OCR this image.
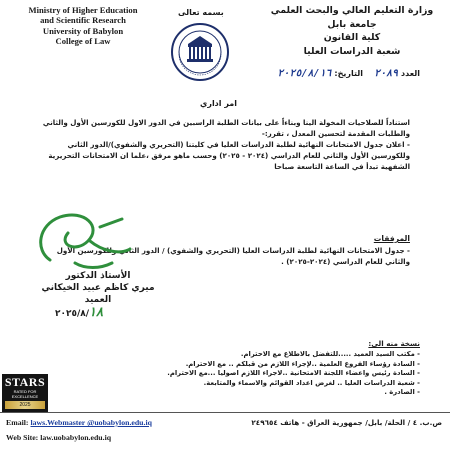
Ministry of Higher Education
and Scientific Research
University of Babylon
College of Law
بسمه تعالى	وزارة التعليم العالي والبحث العلمي
جامعة بابل
كلية القانون
شعبة الدراسات العليا
العدد ٢٠٨٩    التاريخ: ٢٠٢٥/٨/١٦
امر اداري
استناداً للصلاحيات المخولة الينا وبناءاً على بيانات الطلبة الراسبين في الدور الاول للكورسين الأول والثاني والطلبات المقدمة لتحسين المعدل ، تقرر:-
- اعلان جدول الامتحانات النهائية لطلبة الدراسات العليا في كليتنا (التحريري والشفوي)/الدور الثاني وللكورسين الأول والثاني للعام الدراسي (٢٠٢٤ - ٢٠٢٥) وحسب ماهو مرفق ،علما ان الامتحانات التحريرية الشفهية تبدأ في الساعة التاسعة صباحا
المرفقات
- جدول الامتحانات النهائية لطلبة الدراسات العليا (التحريري والشفوي) / الدور الثاني وللكورسين الأول والثاني للعام الدراسي (٢٠٢٤-٢٠٢٥) .
الأستاذ الدكتور
ميري كاظم عبيد الخيكاني
العميد
٢٠٢٥/٨/١٨
نسخة منه الى:
- مكتب السيد العميد .....للتفضل بالاطلاع مع الاحترام.
- السادة رؤساء الفروع العلمية ..لإجراء اللازم من قبلكم .. مع الاحترام.
- السادة رئيس واعضاء اللجنة الامتحانية ..لاجراء اللازم اصوليا ...مع الاحترام.
- شعبة الدراسات العليا .. لغرض اعداد القوائم والاسماء والمتابعة.
- الصادرة .
STARS
RATED FOR EXCELLENCE
2025
Email: laws.Webmaster @uobabylon.edu.iq
Web Site: law.uobabylon.edu.iq
ص.ب. ٤ / الحلة/ بابل/ جمهورية العراق - هاتف ٢٤٩٦٥٤
